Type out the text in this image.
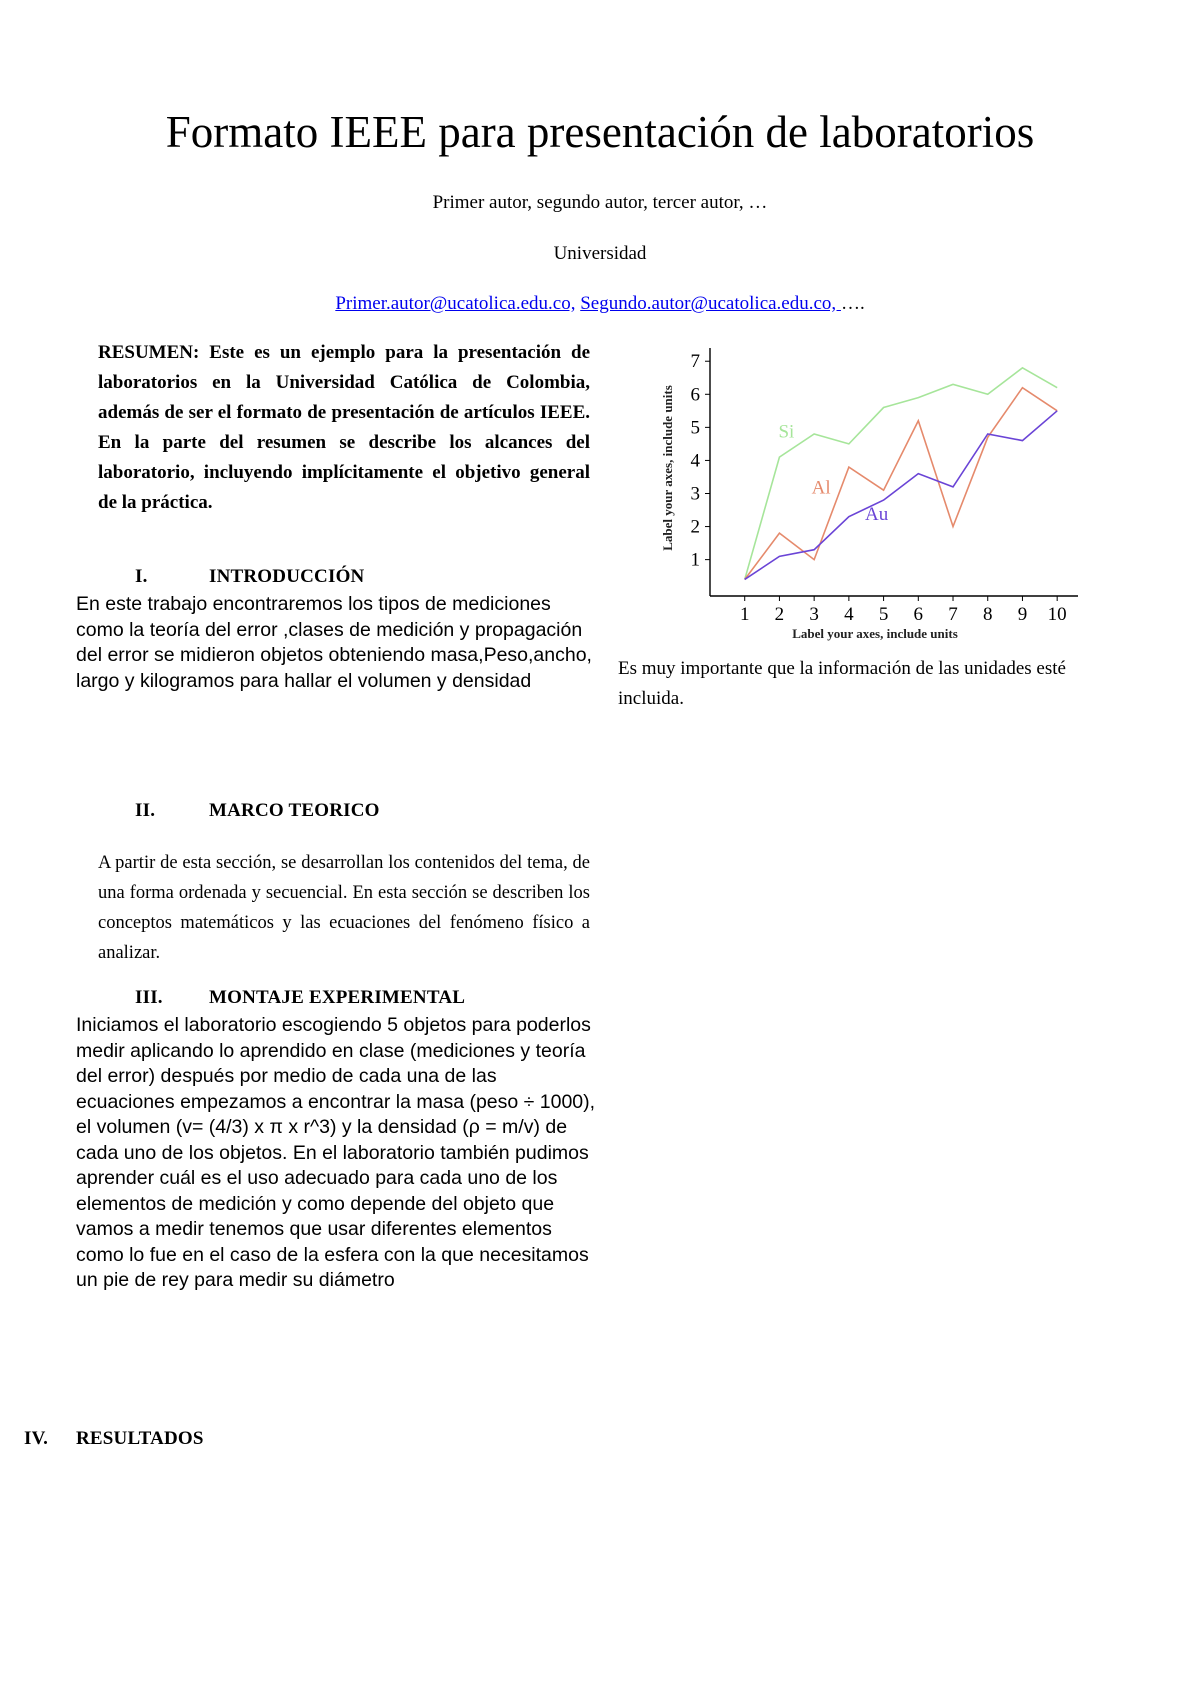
Formato IEEE para presentación de laboratorios
Primer autor, segundo autor, tercer autor, …
Universidad
Primer.autor@ucatolica.edu.co, Segundo.autor@ucatolica.edu.co, ….
RESUMEN: Este es un ejemplo para la presentación de laboratorios en la Universidad Católica de Colombia, además de ser el formato de presentación de artículos IEEE. En la parte del resumen se describe los alcances del laboratorio, incluyendo implícitamente el objetivo general de la práctica.
I.	INTRODUCCIÓN
En este trabajo encontraremos los tipos de mediciones como la teoría del error ,clases de medición y propagación del error se midieron objetos obteniendo masa,Peso,ancho, largo y kilogramos para hallar el volumen y densidad
II.	MARCO TEORICO
A partir de esta sección, se desarrollan los contenidos del tema, de una forma ordenada y secuencial. En esta sección se describen los conceptos matemáticos y las ecuaciones del fenómeno físico a analizar.
III. MONTAJE EXPERIMENTAL
Iniciamos el laboratorio escogiendo 5 objetos para poderlos medir aplicando lo aprendido en clase (mediciones y teoría del error) después por medio de cada una de las ecuaciones empezamos a encontrar la masa (peso ÷ 1000), el volumen (v= (4/3) x π x r^3) y la densidad (ρ = m/v) de cada uno de los objetos. En el laboratorio también pudimos aprender cuál es el uso adecuado para cada uno de los elementos de medición y como depende del objeto que vamos a medir tenemos que usar diferentes elementos como lo fue en el caso de la esfera con la que necesitamos un pie de rey para medir su diámetro
IV. RESULTADOS
1 2 3 4 5 6 7 8 9 10
1
2
3
4
5
6
7
Si
Al
Au
Label your axes, include units
Label your axes, include units
Es muy importante que la información de las unidades esté incluida.
